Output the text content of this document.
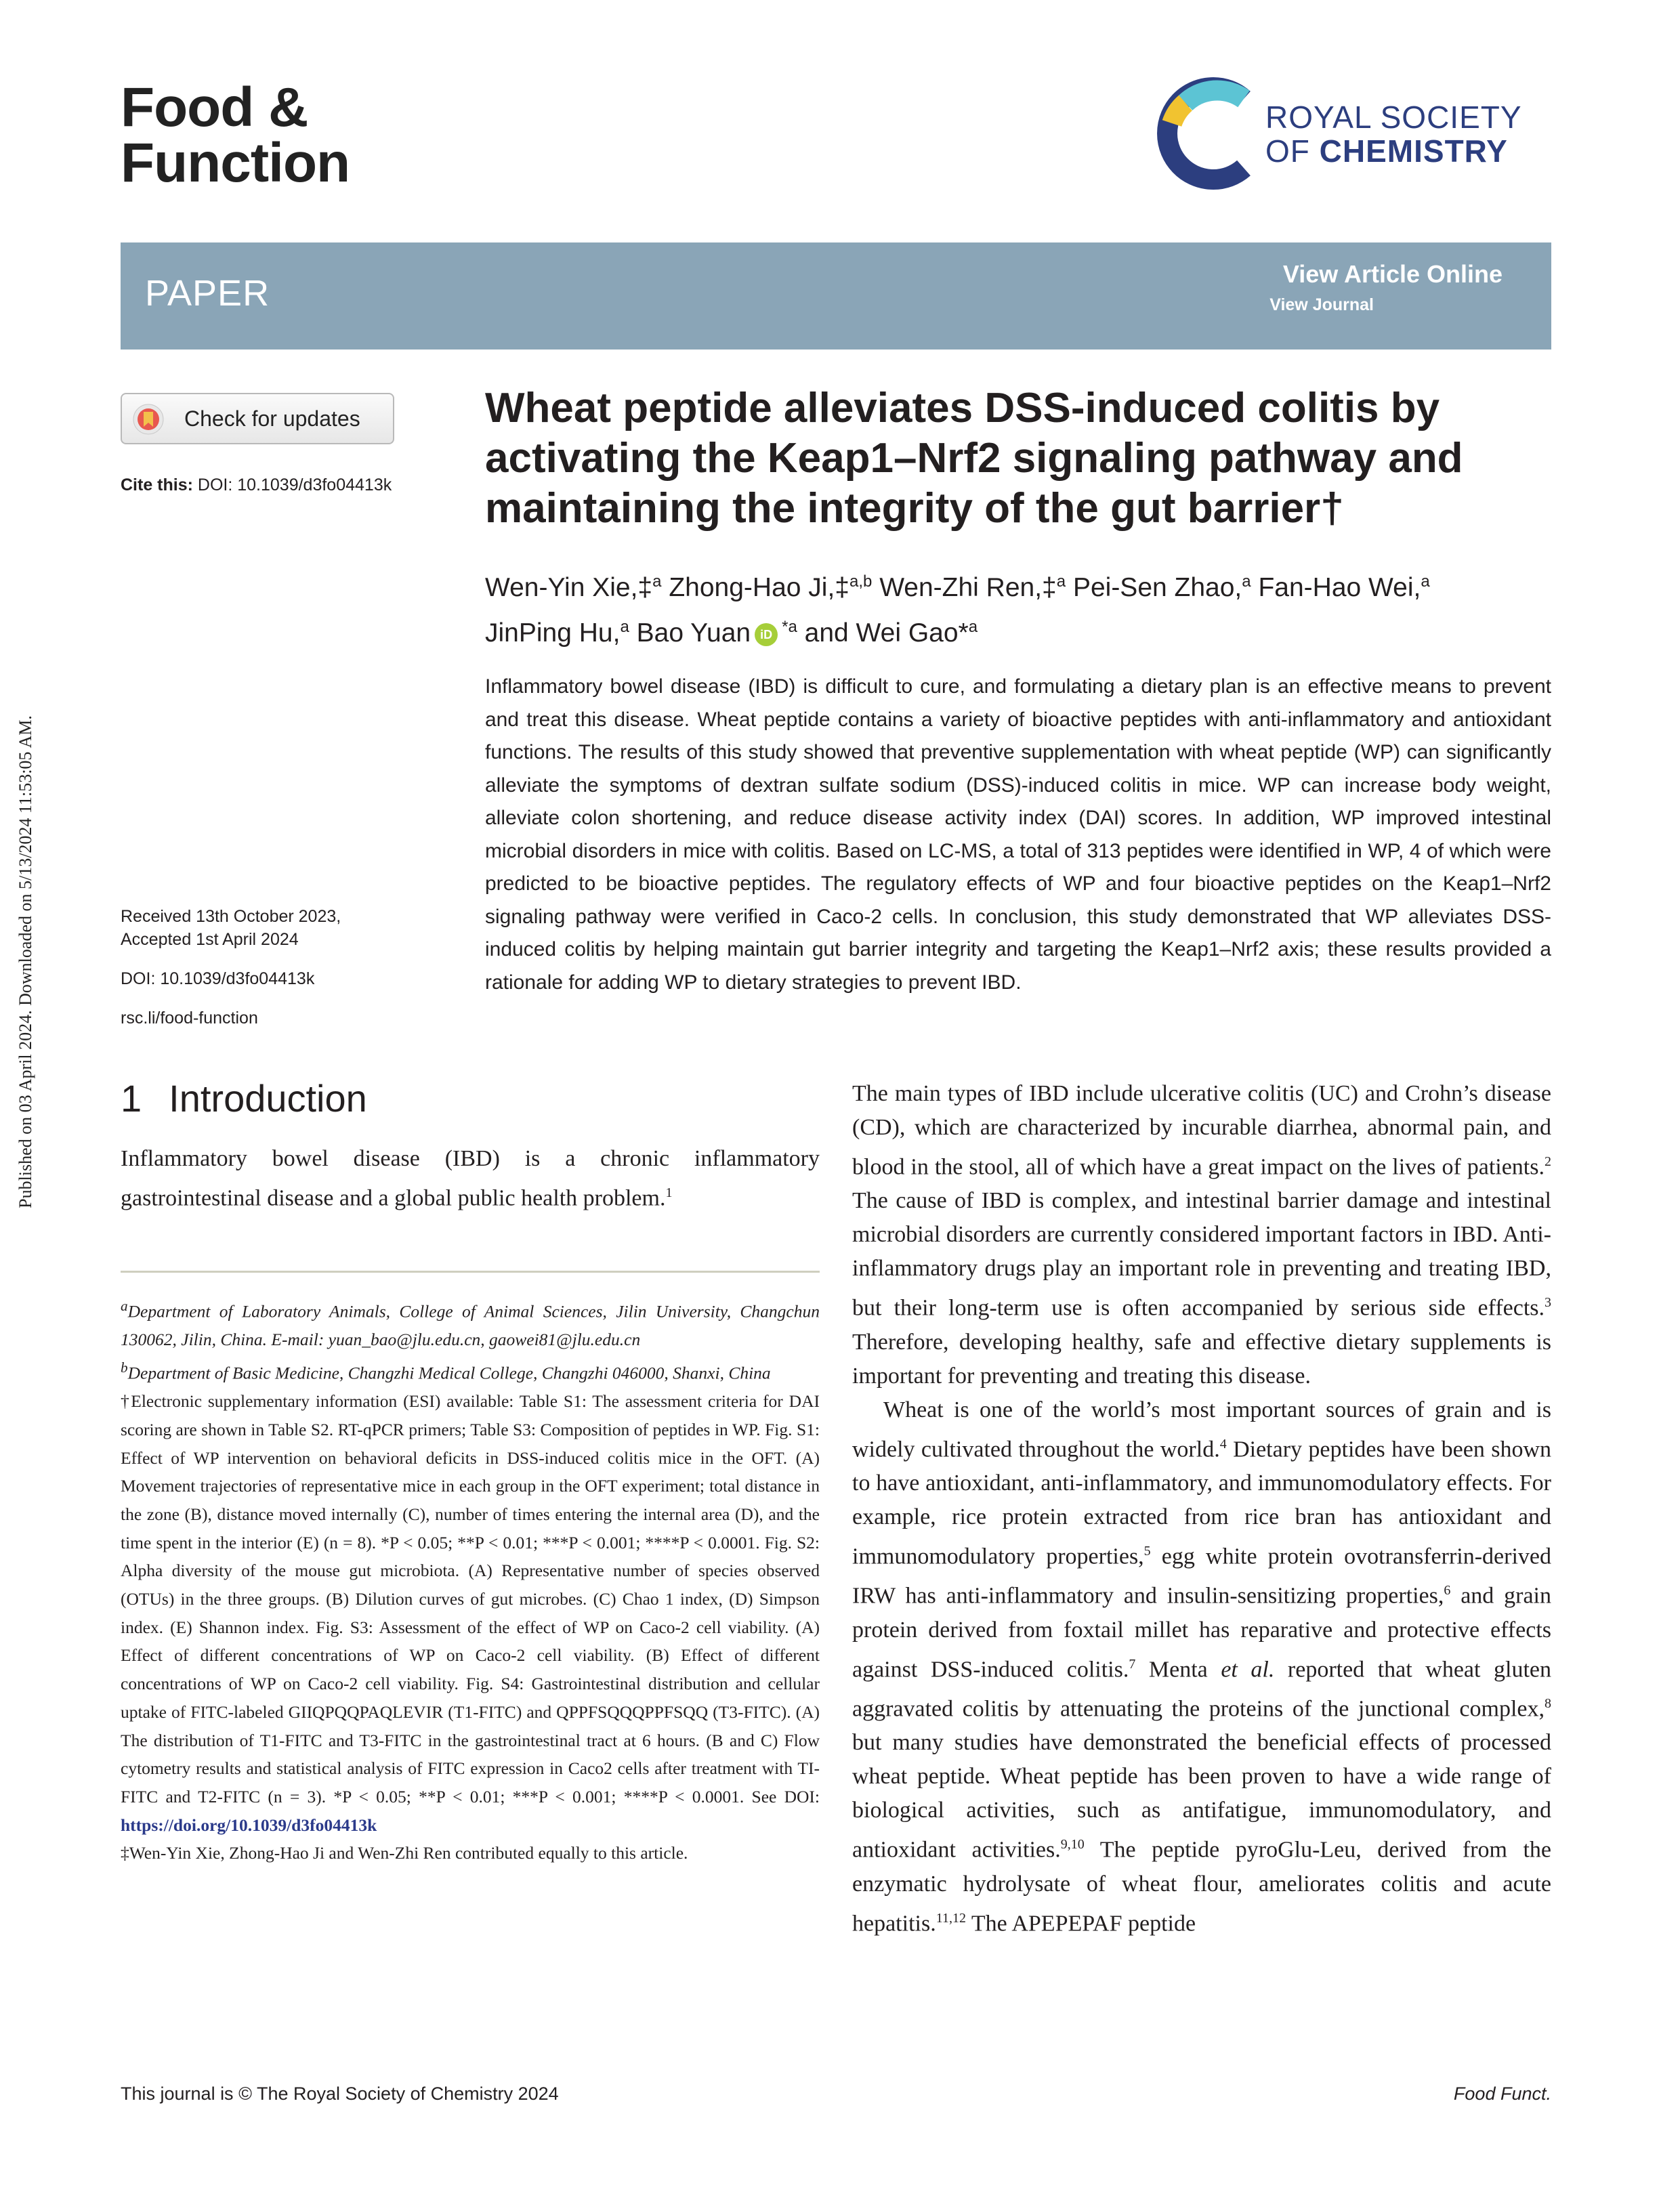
Food &
Function
ROYAL SOCIETY
OF CHEMISTRY
PAPER	View Article Online
View Journal
Published on 03 April 2024. Downloaded on 5/13/2024 11:53:05 AM.
Check for updates
Cite this: DOI: 10.1039/d3fo04413k
Wheat peptide alleviates DSS-induced colitis by activating the Keap1–Nrf2 signaling pathway and maintaining the integrity of the gut barrier†
Wen-Yin Xie,‡$^a$ Zhong-Hao Ji,‡$^{a,b}$ Wen-Zhi Ren,‡$^a$ Pei-Sen Zhao,$^a$ Fan-Hao Wei,$^a$
JinPing Hu,$^a$ Bao Yuan iD $^{*a}$ and Wei Gao*$^a$
Inflammatory bowel disease (IBD) is difficult to cure, and formulating a dietary plan is an effective means to prevent and treat this disease. Wheat peptide contains a variety of bioactive peptides with anti-inflammatory and antioxidant functions. The results of this study showed that preventive supplementation with wheat peptide (WP) can significantly alleviate the symptoms of dextran sulfate sodium (DSS)-induced colitis in mice. WP can increase body weight, alleviate colon shortening, and reduce disease activity index (DAI) scores. In addition, WP improved intestinal microbial disorders in mice with colitis. Based on LC-MS, a total of 313 peptides were identified in WP, 4 of which were predicted to be bioactive peptides. The regulatory effects of WP and four bioactive peptides on the Keap1–Nrf2 signaling pathway were verified in Caco-2 cells. In conclusion, this study demonstrated that WP alleviates DSS-induced colitis by helping maintain gut barrier integrity and targeting the Keap1–Nrf2 axis; these results provided a rationale for adding WP to dietary strategies to prevent IBD.
Received 13th October 2023,
Accepted 1st April 2024
DOI: 10.1039/d3fo04413k
rsc.li/food-function
1 Introduction
Inflammatory bowel disease (IBD) is a chronic inflammatory gastrointestinal disease and a global public health problem.$^1$

$^a$Department of Laboratory Animals, College of Animal Sciences, Jilin University, Changchun 130062, Jilin, China. E-mail: yuan_bao@jlu.edu.cn, gaowei81@jlu.edu.cn

$^b$Department of Basic Medicine, Changzhi Medical College, Changzhi 046000, Shanxi, China

†Electronic supplementary information (ESI) available: Table S1: The assessment criteria for DAI scoring are shown in Table S2. RT-qPCR primers; Table S3: Composition of peptides in WP. Fig. S1: Effect of WP intervention on behavioral deficits in DSS-induced colitis mice in the OFT. (A) Movement trajectories of representative mice in each group in the OFT experiment; total distance in the zone (B), distance moved internally (C), number of times entering the internal area (D), and the time spent in the interior (E) (n = 8). *P < 0.05; **P < 0.01; ***P < 0.001; ****P < 0.0001. Fig. S2: Alpha diversity of the mouse gut microbiota. (A) Representative number of species observed (OTUs) in the three groups. (B) Dilution curves of gut microbes. (C) Chao 1 index, (D) Simpson index. (E) Shannon index. Fig. S3: Assessment of the effect of WP on Caco-2 cell viability. (A) Effect of different concentrations of WP on Caco-2 cell viability. (B) Effect of different concentrations of WP on Caco-2 cell viability. Fig. S4: Gastrointestinal distribution and cellular uptake of FITC-labeled GIIQPQQPAQLEVIR (T1-FITC) and QPPFSQQQPPFSQQ (T3-FITC). (A) The distribution of T1-FITC and T3-FITC in the gastrointestinal tract at 6 hours. (B and C) Flow cytometry results and statistical analysis of FITC expression in Caco2 cells after treatment with TI-FITC and T2-FITC (n = 3). *P < 0.05; **P < 0.01; ***P < 0.001; ****P < 0.0001. See DOI: https://doi.org/10.1039/d3fo04413k

‡Wen-Yin Xie, Zhong-Hao Ji and Wen-Zhi Ren contributed equally to this article.

The main types of IBD include ulcerative colitis (UC) and Crohn’s disease (CD), which are characterized by incurable diarrhea, abnormal pain, and blood in the stool, all of which have a great impact on the lives of patients.$^2$ The cause of IBD is complex, and intestinal barrier damage and intestinal microbial disorders are currently considered important factors in IBD. Anti-inflammatory drugs play an important role in preventing and treating IBD, but their long-term use is often accompanied by serious side effects.$^3$ Therefore, developing healthy, safe and effective dietary supplements is important for preventing and treating this disease.

Wheat is one of the world’s most important sources of grain and is widely cultivated throughout the world.$^4$ Dietary peptides have been shown to have antioxidant, anti-inflammatory, and immunomodulatory effects. For example, rice protein extracted from rice bran has antioxidant and immunomodulatory properties,$^5$ egg white protein ovotransferrin-derived IRW has anti-inflammatory and insulin-sensitizing properties,$^6$ and grain protein derived from foxtail millet has reparative and protective effects against DSS-induced colitis.$^7$ Menta et al. reported that wheat gluten aggravated colitis by attenuating the proteins of the junctional complex,$^8$ but many studies have demonstrated the beneficial effects of processed wheat peptide. Wheat peptide has been proven to have a wide range of biological activities, such as antifatigue, immunomodulatory, and antioxidant activities.$^{9,10}$ The peptide pyroGlu-Leu, derived from the enzymatic hydrolysate of wheat flour, ameliorates colitis and acute hepatitis.$^{11,12}$ The APEPEPAF peptide

This journal is © The Royal Society of Chemistry 2024	Food Funct.
